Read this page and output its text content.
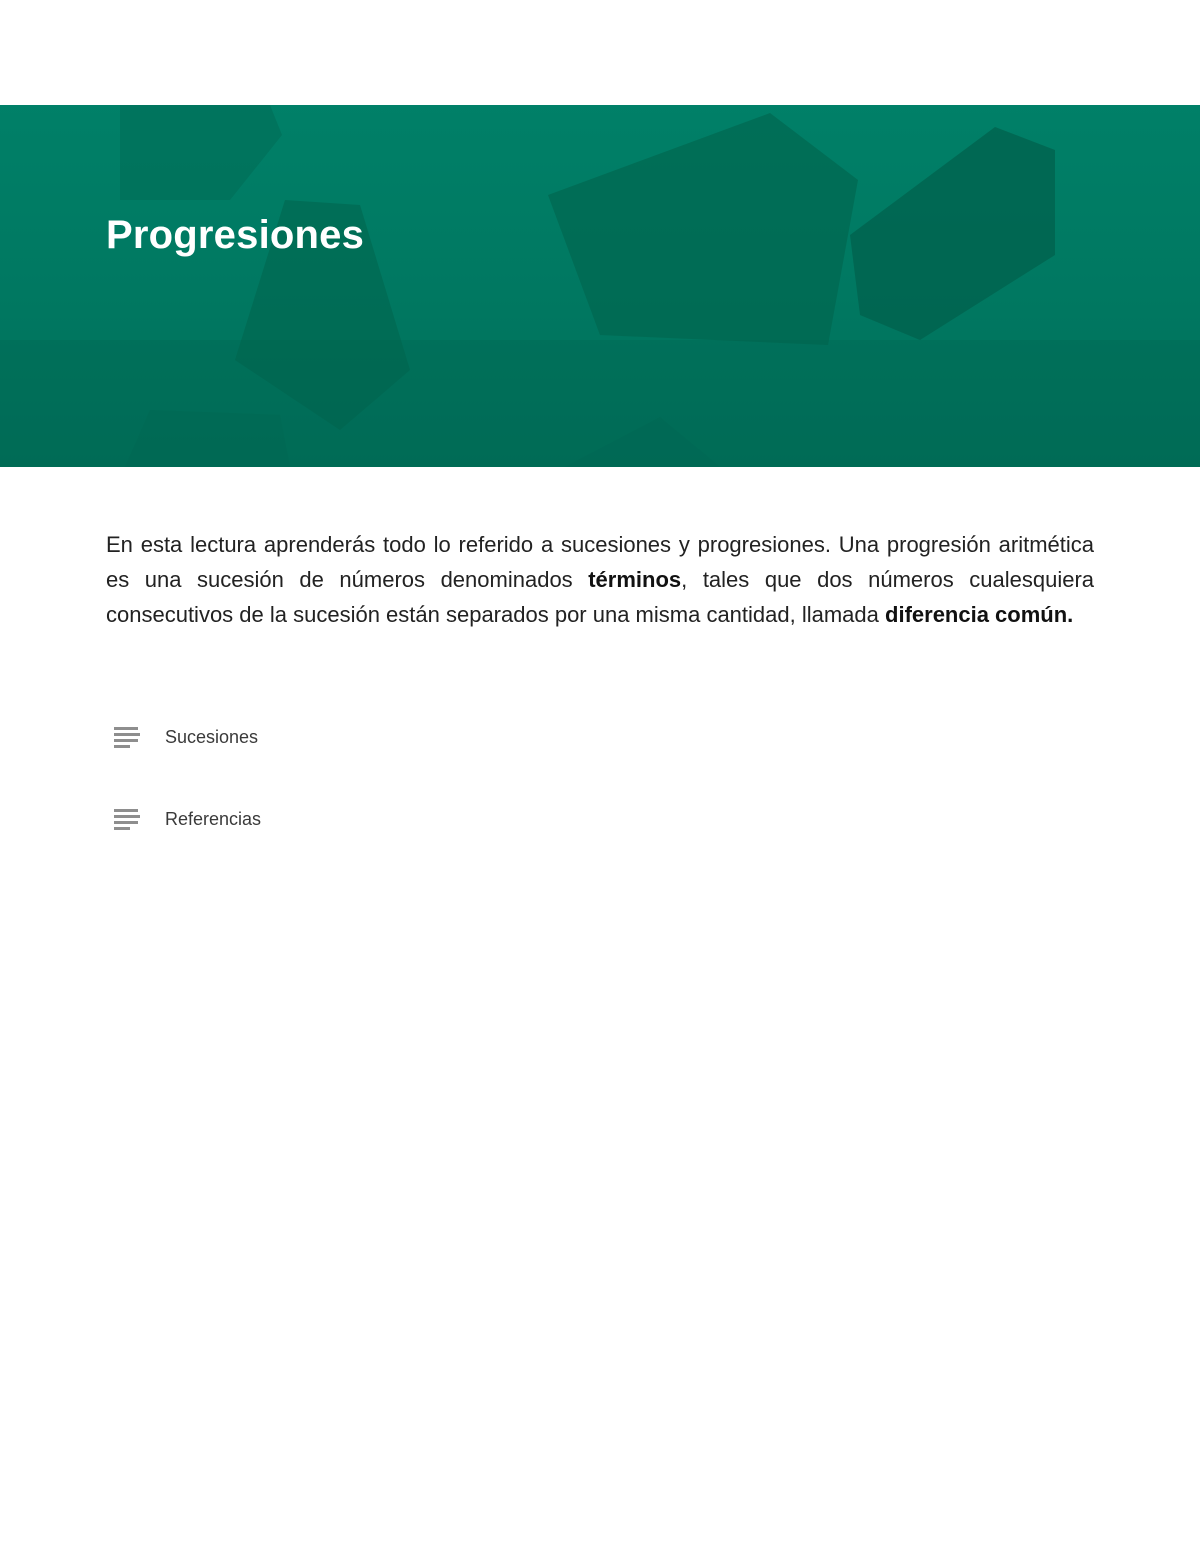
Progresiones

En esta lectura aprenderás todo lo referido a sucesiones y progresiones. Una progresión aritmética es una sucesión de números denominados términos, tales que dos números cualesquiera consecutivos de la sucesión están separados por una misma cantidad, llamada diferencia común.

Sucesiones
Referencias
